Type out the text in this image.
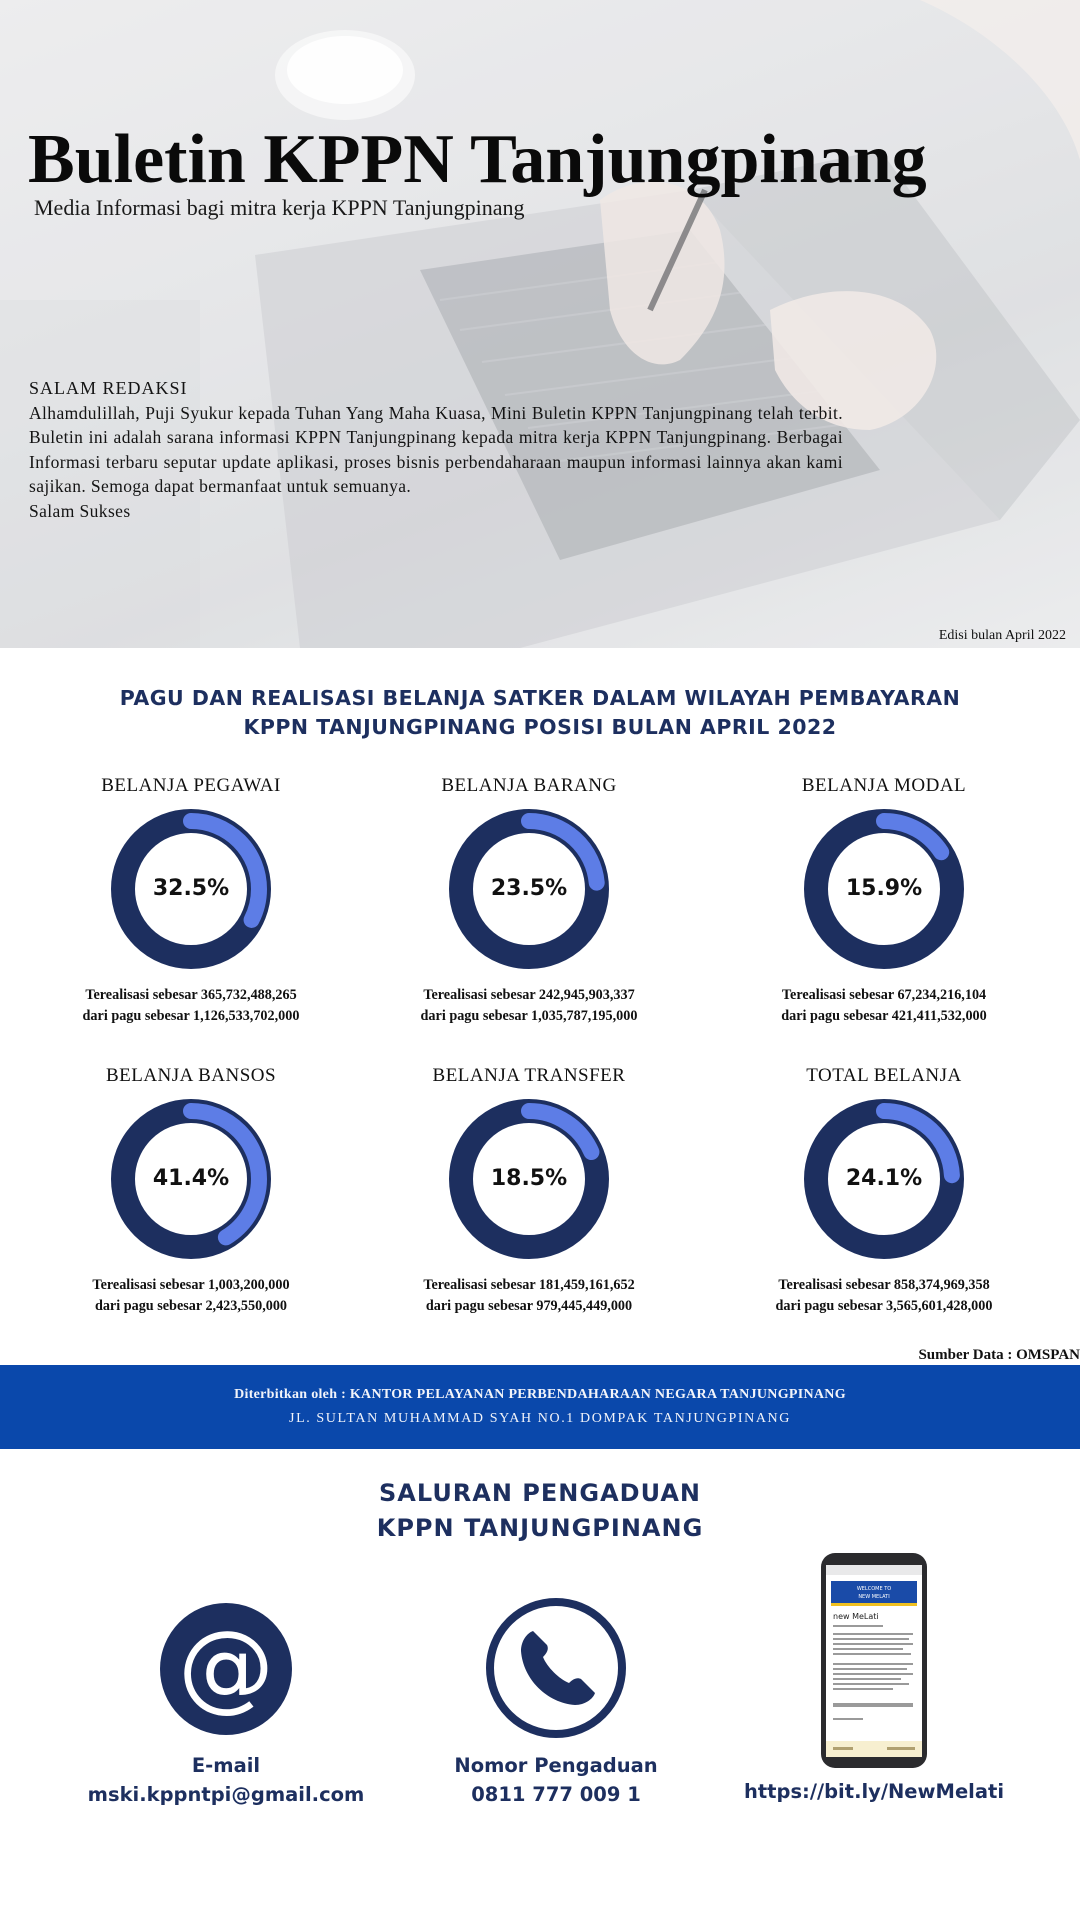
Buletin KPPN Tanjungpinang
Media Informasi bagi mitra kerja KPPN Tanjungpinang
SALAM REDAKSI
Alhamdulillah, Puji Syukur kepada Tuhan Yang Maha Kuasa, Mini Buletin KPPN Tanjungpinang telah terbit. Buletin ini adalah sarana informasi KPPN Tanjungpinang kepada mitra kerja KPPN Tanjungpinang. Berbagai Informasi terbaru seputar update aplikasi, proses bisnis perbendaharaan maupun informasi lainnya akan kami sajikan. Semoga dapat bermanfaat untuk semuanya.
Salam Sukses
Edisi bulan April 2022
PAGU DAN REALISASI BELANJA SATKER DALAM WILAYAH PEMBAYARAN
KPPN TANJUNGPINANG POSISI BULAN APRIL 2022
BELANJA PEGAWAI
32.5%
Terealisasi sebesar 365,732,488,265
dari pagu sebesar 1,126,533,702,000
BELANJA BARANG
23.5%
Terealisasi sebesar 242,945,903,337
dari pagu sebesar 1,035,787,195,000
BELANJA MODAL
15.9%
Terealisasi sebesar 67,234,216,104
dari pagu sebesar 421,411,532,000
BELANJA BANSOS
41.4%
Terealisasi sebesar 1,003,200,000
dari pagu sebesar 2,423,550,000
BELANJA TRANSFER
18.5%
Terealisasi sebesar 181,459,161,652
dari pagu sebesar 979,445,449,000
TOTAL BELANJA
24.1%
Terealisasi sebesar 858,374,969,358
dari pagu sebesar 3,565,601,428,000
Sumber Data : OMSPAN
Diterbitkan oleh : KANTOR PELAYANAN PERBENDAHARAAN NEGARA TANJUNGPINANG
JL. SULTAN MUHAMMAD SYAH NO.1 DOMPAK TANJUNGPINANG
SALURAN PENGADUAN
KPPN TANJUNGPINANG
@
E-mail
mski.kppntpi@gmail.com
Nomor Pengaduan
0811 777 009 1
WELCOME TO
NEW MELATI
new MeLati
https://bit.ly/NewMelati
